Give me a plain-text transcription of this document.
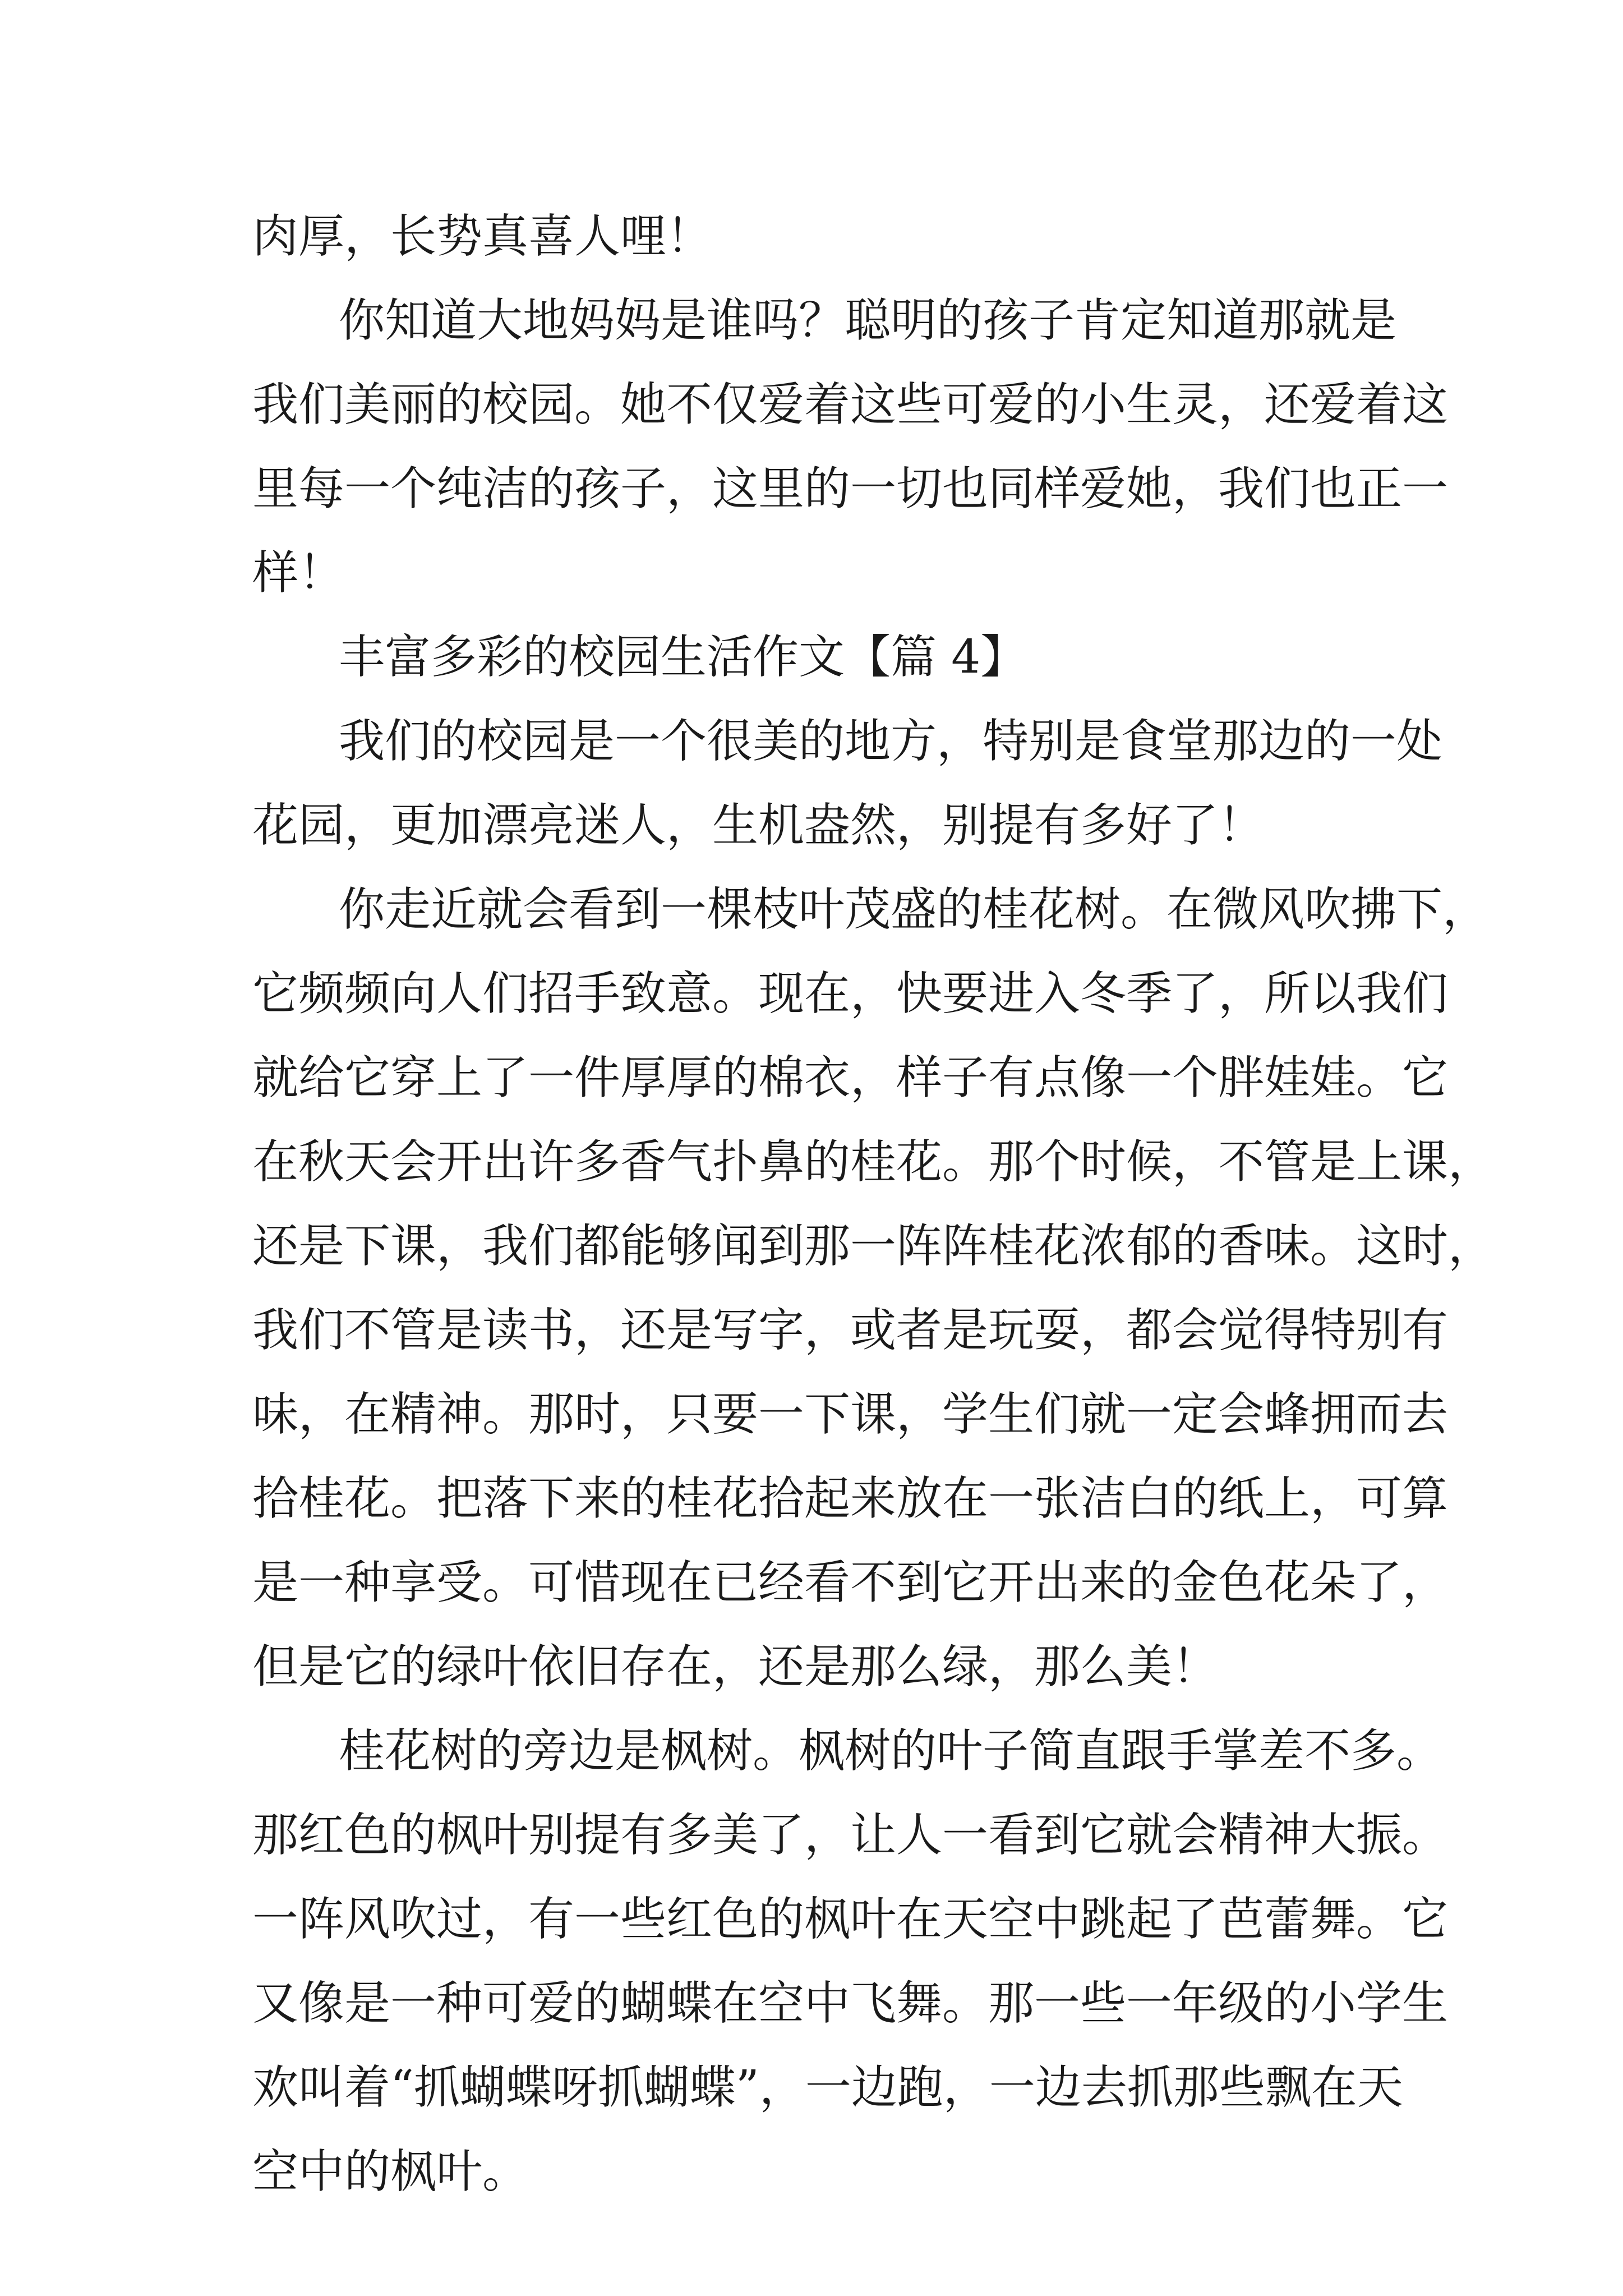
肉厚，长势真喜人哩！

你知道大地妈妈是谁吗？聪明的孩子肯定知道那就是

我们美丽的校园。她不仅爱着这些可爱的小生灵，还爱着这

里每一个纯洁的孩子，这里的一切也同样爱她，我们也正一

样！

丰富多彩的校园生活作文【篇 4】

我们的校园是一个很美的地方，特别是食堂那边的一处

花园，更加漂亮迷人，生机盎然，别提有多好了！

你走近就会看到一棵枝叶茂盛的桂花树。在微风吹拂下，

它频频向人们招手致意。现在，快要进入冬季了，所以我们

就给它穿上了一件厚厚的棉衣，样子有点像一个胖娃娃。它

在秋天会开出许多香气扑鼻的桂花。那个时候，不管是上课，

还是下课，我们都能够闻到那一阵阵桂花浓郁的香味。这时，

我们不管是读书，还是写字，或者是玩耍，都会觉得特别有

味，在精神。那时，只要一下课，学生们就一定会蜂拥而去

拾桂花。把落下来的桂花拾起来放在一张洁白的纸上，可算

是一种享受。可惜现在已经看不到它开出来的金色花朵了，

但是它的绿叶依旧存在，还是那么绿，那么美！

桂花树的旁边是枫树。枫树的叶子简直跟手掌差不多。

那红色的枫叶别提有多美了，让人一看到它就会精神大振。

一阵风吹过，有一些红色的枫叶在天空中跳起了芭蕾舞。它

又像是一种可爱的蝴蝶在空中飞舞。那一些一年级的小学生

欢叫着“抓蝴蝶呀抓蝴蝶”，一边跑，一边去抓那些飘在天

空中的枫叶。
